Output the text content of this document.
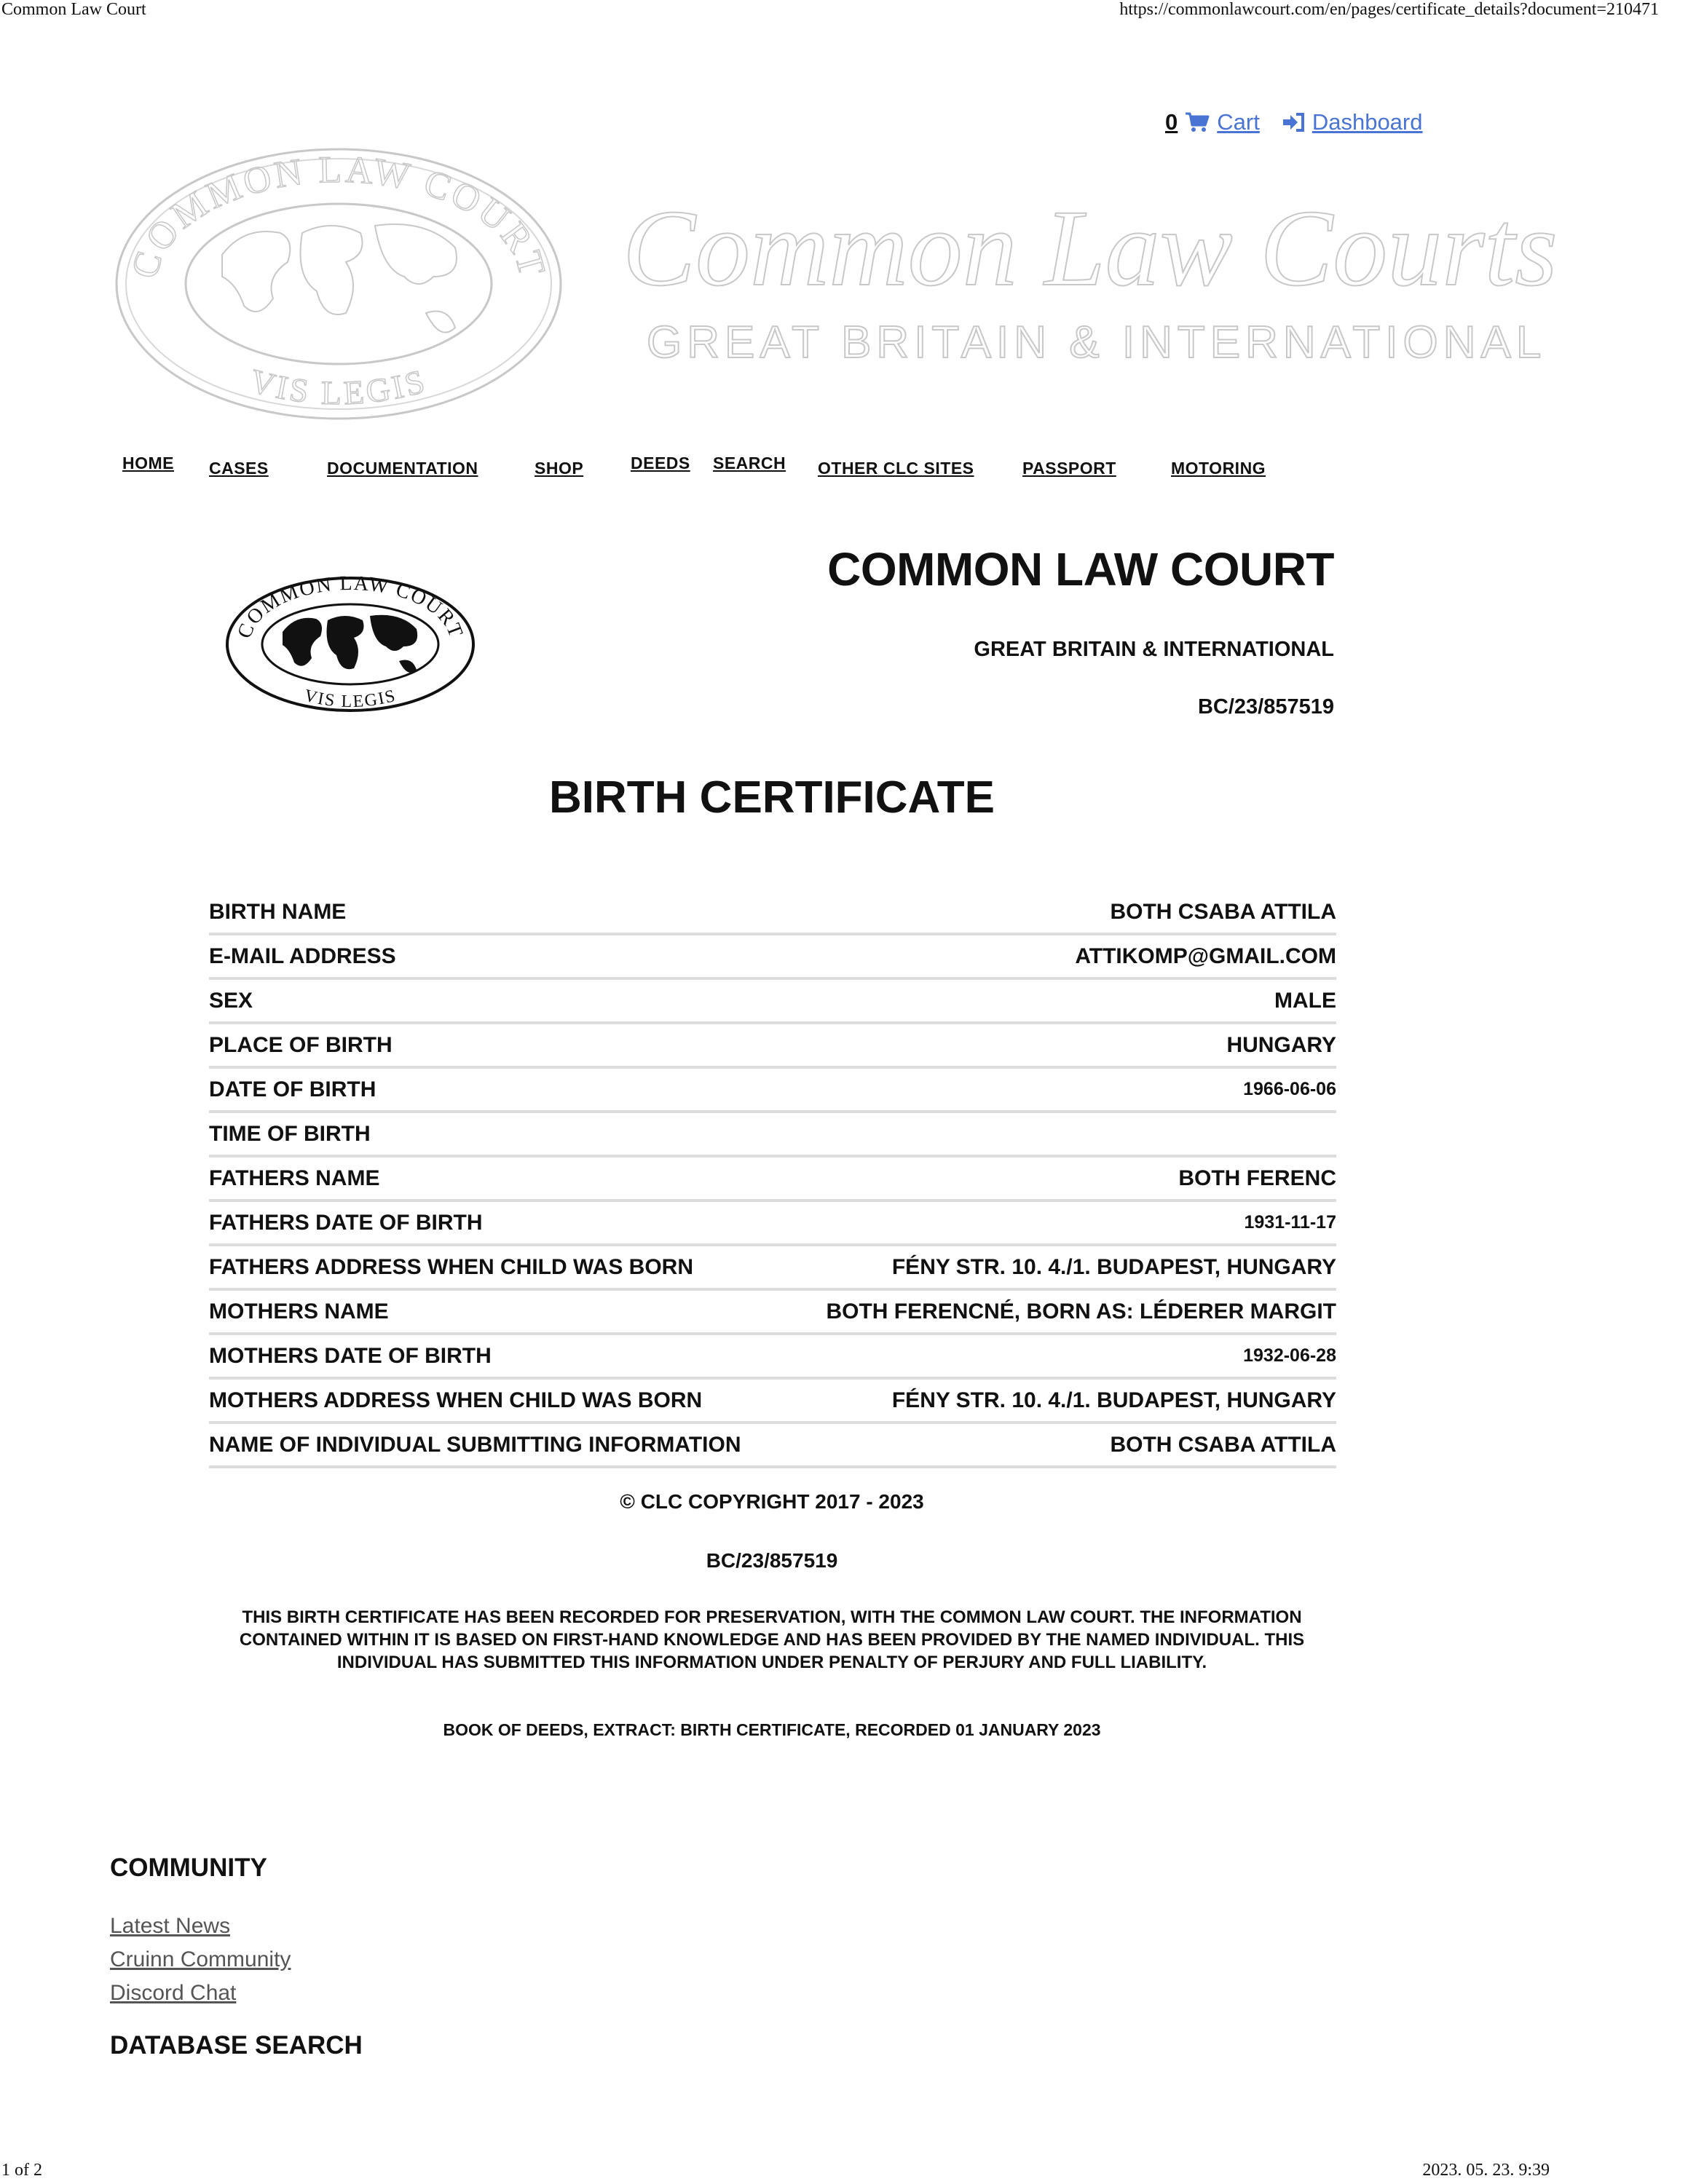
Common Law Court	https://commonlawcourt.com/en/pages/certificate_details?document=210471
0 Cart Dashboard
COMMON LAW COURT
VIS LEGIS
Common Law Courts
GREAT BRITAIN & INTERNATIONAL
HOME CASES	DOCUMENTATION	SHOP	DEEDS SEARCH OTHER CLC SITES	PASSPORT	MOTORING
COMMON LAW COURT
VIS LEGIS
COMMON LAW COURT
GREAT BRITAIN & INTERNATIONAL
BC/23/857519
BIRTH CERTIFICATE
BIRTH NAME	BOTH CSABA ATTILA
E-MAIL ADDRESS	ATTIKOMP@GMAIL.COM
SEX	MALE
PLACE OF BIRTH	HUNGARY
DATE OF BIRTH	1966-06-06
TIME OF BIRTH
FATHERS NAME	BOTH FERENC
FATHERS DATE OF BIRTH	1931-11-17
FATHERS ADDRESS WHEN CHILD WAS BORN	FÉNY STR. 10. 4./1. BUDAPEST, HUNGARY
MOTHERS NAME	BOTH FERENCNÉ, BORN AS: LÉDERER MARGIT
MOTHERS DATE OF BIRTH	1932-06-28
MOTHERS ADDRESS WHEN CHILD WAS BORN	FÉNY STR. 10. 4./1. BUDAPEST, HUNGARY
NAME OF INDIVIDUAL SUBMITTING INFORMATION	BOTH CSABA ATTILA
© CLC COPYRIGHT 2017 - 2023
BC/23/857519
THIS BIRTH CERTIFICATE HAS BEEN RECORDED FOR PRESERVATION, WITH THE COMMON LAW COURT. THE INFORMATION
CONTAINED WITHIN IT IS BASED ON FIRST-HAND KNOWLEDGE AND HAS BEEN PROVIDED BY THE NAMED INDIVIDUAL. THIS
INDIVIDUAL HAS SUBMITTED THIS INFORMATION UNDER PENALTY OF PERJURY AND FULL LIABILITY.
BOOK OF DEEDS, EXTRACT: BIRTH CERTIFICATE, RECORDED 01 JANUARY 2023
COMMUNITY
Latest News
Cruinn Community
Discord Chat
DATABASE SEARCH
1 of 2	2023. 05. 23. 9:39
